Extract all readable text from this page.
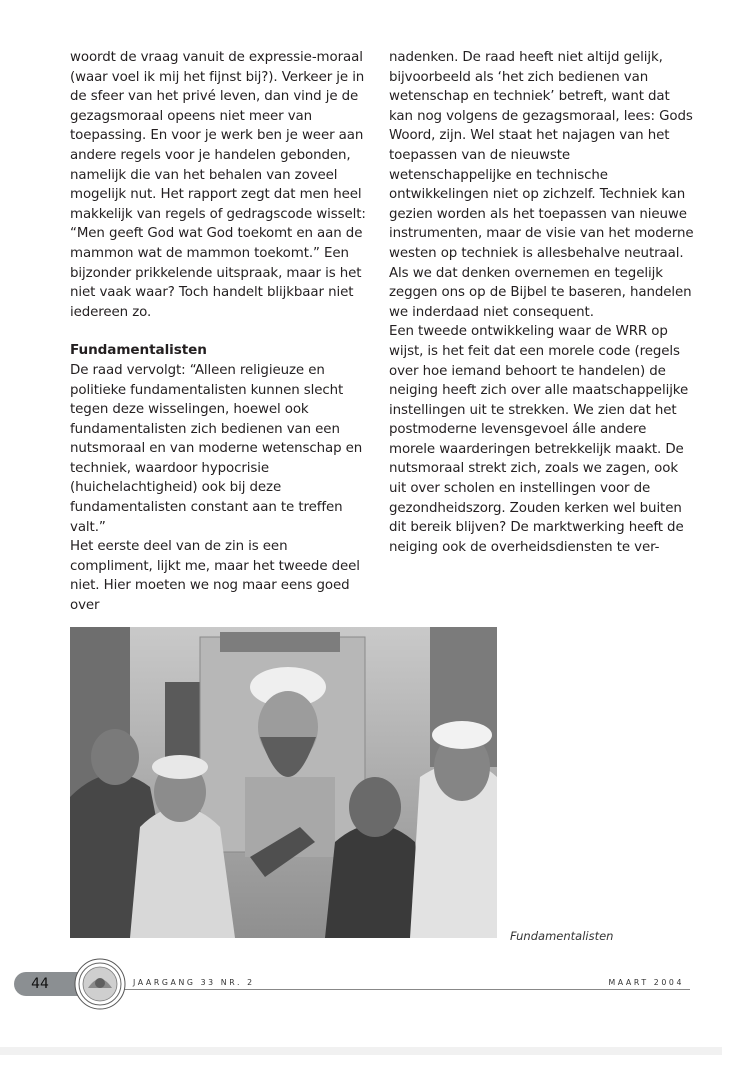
woordt de vraag vanuit de expressie-moraal (waar voel ik mij het fijnst bij?). Verkeer je in de sfeer van het privé leven, dan vind je de gezagsmoraal opeens niet meer van toepassing. En voor je werk ben je weer aan andere regels voor je handelen gebonden, namelijk die van het behalen van zoveel mogelijk nut. Het rapport zegt dat men heel makkelijk van regels of gedragscode wisselt: “Men geeft God wat God toekomt en aan de mammon wat de mammon toekomt.” Een bijzonder prikkelende uitspraak, maar is het niet vaak waar? Toch handelt blijkbaar niet iedereen zo.

Fundamentalisten

De raad vervolgt: “Alleen religieuze en politieke fundamentalisten kunnen slecht tegen deze wisselingen, hoewel ook fundamentalisten zich bedienen van een nutsmoraal en van moderne wetenschap en techniek, waardoor hypocrisie (huichelachtigheid) ook bij deze fundamentalisten constant aan te treffen valt.”

Het eerste deel van de zin is een compliment, lijkt me, maar het tweede deel niet. Hier moeten we nog maar eens goed over

nadenken. De raad heeft niet altijd gelijk, bijvoorbeeld als ‘het zich bedienen van wetenschap en techniek’ betreft, want dat kan nog volgens de gezagsmoraal, lees: Gods Woord, zijn. Wel staat het najagen van het toepassen van de nieuwste wetenschappelijke en technische ontwikkelingen niet op zichzelf. Techniek kan gezien worden als het toepassen van nieuwe instrumenten, maar de visie van het moderne westen op techniek is allesbehalve neutraal. Als we dat denken overnemen en tegelijk zeggen ons op de Bijbel te baseren, handelen we inderdaad niet consequent.

Een tweede ontwikkeling waar de WRR op wijst, is het feit dat een morele code (regels over hoe iemand behoort te handelen) de neiging heeft zich over alle maatschappelijke instellingen uit te strekken. We zien dat het postmoderne levensgevoel álle andere morele waarderingen betrekkelijk maakt. De nutsmoraal strekt zich, zoals we zagen, ook uit over scholen en instellingen voor de gezondheidszorg. Zouden kerken wel buiten dit bereik blijven? De marktwerking heeft de neiging ook de overheidsdiensten te ver-

Fundamentalisten
44	JAARGANG 33 NR. 2	MAART 2004
